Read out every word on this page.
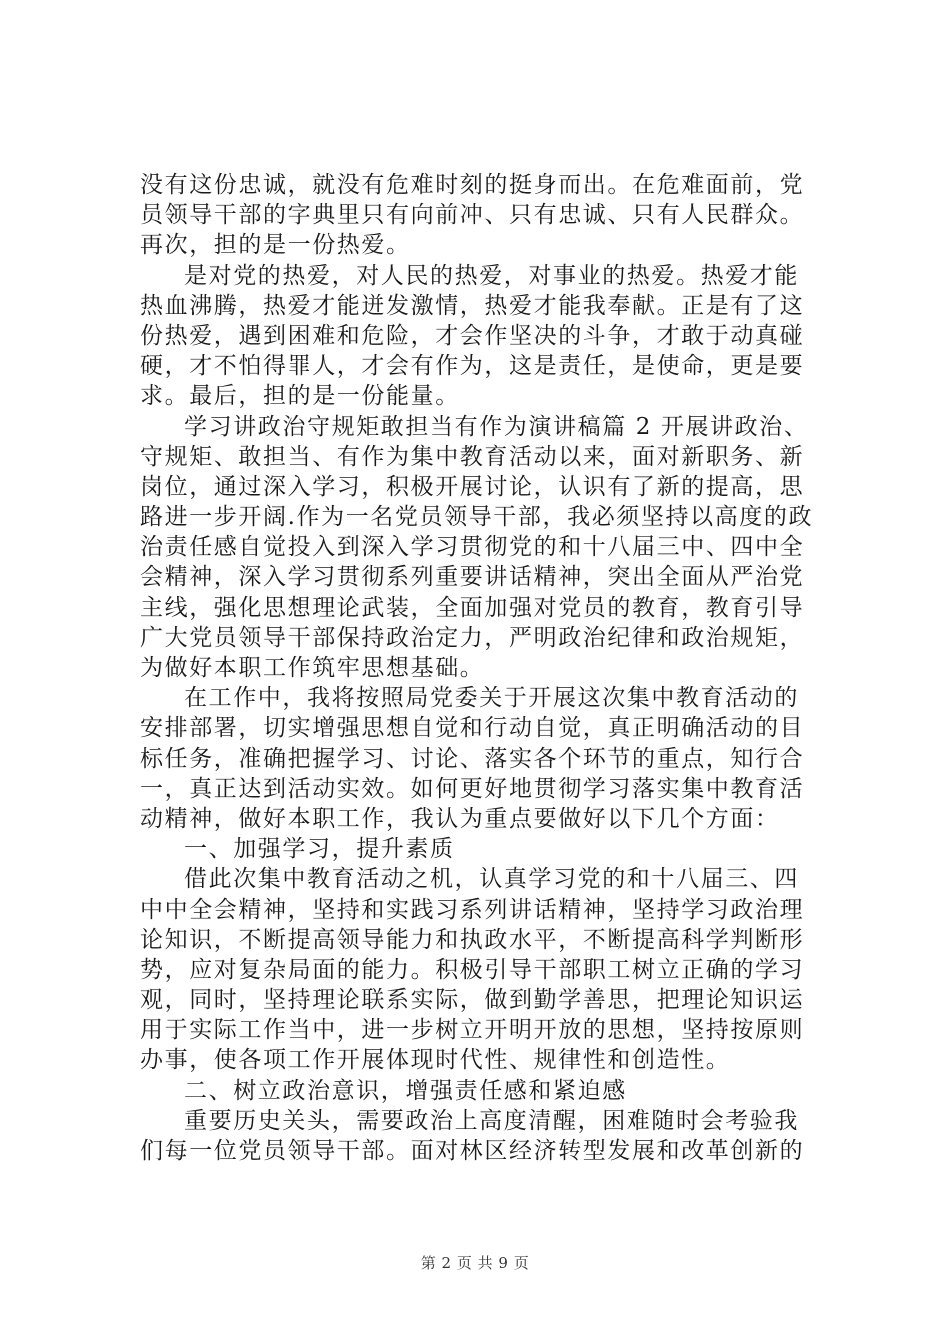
没有这份忠诚，就没有危难时刻的挺身而出。在危难面前，党
员领导干部的字典里只有向前冲、只有忠诚、只有人民群众。
再次，担的是一份热爱。
是对党的热爱，对人民的热爱，对事业的热爱。热爱才能
热血沸腾，热爱才能迸发激情，热爱才能我奉献。正是有了这
份热爱，遇到困难和危险，才会作坚决的斗争，才敢于动真碰
硬，才不怕得罪人，才会有作为，这是责任，是使命，更是要
求。最后，担的是一份能量。
学习讲政治守规矩敢担当有作为演讲稿篇 2 开展讲政治、
守规矩、敢担当、有作为集中教育活动以来，面对新职务、新
岗位，通过深入学习，积极开展讨论，认识有了新的提高，思
路进一步开阔.作为一名党员领导干部，我必须坚持以高度的政
治责任感自觉投入到深入学习贯彻党的和十八届三中、四中全
会精神，深入学习贯彻系列重要讲话精神，突出全面从严治党
主线，强化思想理论武装，全面加强对党员的教育，教育引导
广大党员领导干部保持政治定力，严明政治纪律和政治规矩，
为做好本职工作筑牢思想基础。
在工作中，我将按照局党委关于开展这次集中教育活动的
安排部署，切实增强思想自觉和行动自觉，真正明确活动的目
标任务，准确把握学习、讨论、落实各个环节的重点，知行合
一，真正达到活动实效。如何更好地贯彻学习落实集中教育活
动精神，做好本职工作，我认为重点要做好以下几个方面：
一、加强学习，提升素质
借此次集中教育活动之机，认真学习党的和十八届三、四
中中全会精神，坚持和实践习系列讲话精神，坚持学习政治理
论知识，不断提高领导能力和执政水平，不断提高科学判断形
势，应对复杂局面的能力。积极引导干部职工树立正确的学习
观，同时，坚持理论联系实际，做到勤学善思，把理论知识运
用于实际工作当中，进一步树立开明开放的思想，坚持按原则
办事，使各项工作开展体现时代性、规律性和创造性。
二、树立政治意识，增强责任感和紧迫感
重要历史关头，需要政治上高度清醒，困难随时会考验我
们每一位党员领导干部。面对林区经济转型发展和改革创新的
第 2 页 共 9 页
